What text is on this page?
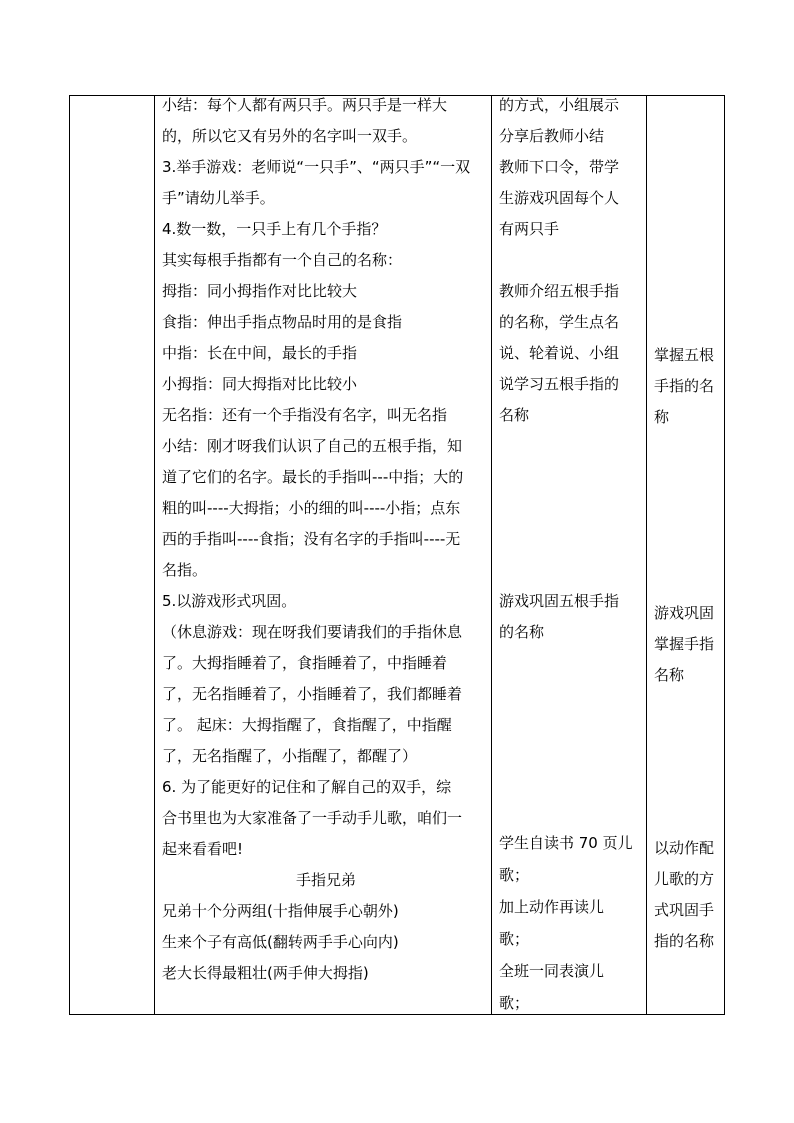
小结：每个人都有两只手。两只手是一样大

的，所以它又有另外的名字叫一双手。

3.举手游戏：老师说“一只手”、“两只手”“一双

手”请幼儿举手。

4.数一数，一只手上有几个手指？

其实每根手指都有一个自己的名称：

拇指：同小拇指作对比比较大

食指：伸出手指点物品时用的是食指

中指：长在中间，最长的手指

小拇指：同大拇指对比比较小

无名指：还有一个手指没有名字，叫无名指

小结：刚才呀我们认识了自己的五根手指，知

道了它们的名字。最长的手指叫---中指；大的

粗的叫----大拇指；小的细的叫----小指；点东

西的手指叫----食指；没有名字的手指叫----无

名指。

5.以游戏形式巩固。

（休息游戏：现在呀我们要请我们的手指休息

了。大拇指睡着了，食指睡着了，中指睡着

了，无名指睡着了，小指睡着了，我们都睡着

了。 起床：大拇指醒了，食指醒了，中指醒

了，无名指醒了，小指醒了，都醒了）

6. 为了能更好的记住和了解自己的双手，综

合书里也为大家准备了一手动手儿歌，咱们一

起来看看吧!

手指兄弟

兄弟十个分两组(十指伸展手心朝外)

生来个子有高低(翻转两手手心向内)

老大长得最粗壮(两手伸大拇指)

的方式，小组展示

分享后教师小结

教师下口令，带学

生游戏巩固每个人

有两只手

教师介绍五根手指

的名称，学生点名

说、轮着说、小组

说学习五根手指的

名称

游戏巩固五根手指

的名称

学生自读书 70 页儿

歌；

加上动作再读儿

歌；

全班一同表演儿

歌；

掌握五根

手指的名

称

游戏巩固

掌握手指

名称

以动作配

儿歌的方

式巩固手

指的名称
